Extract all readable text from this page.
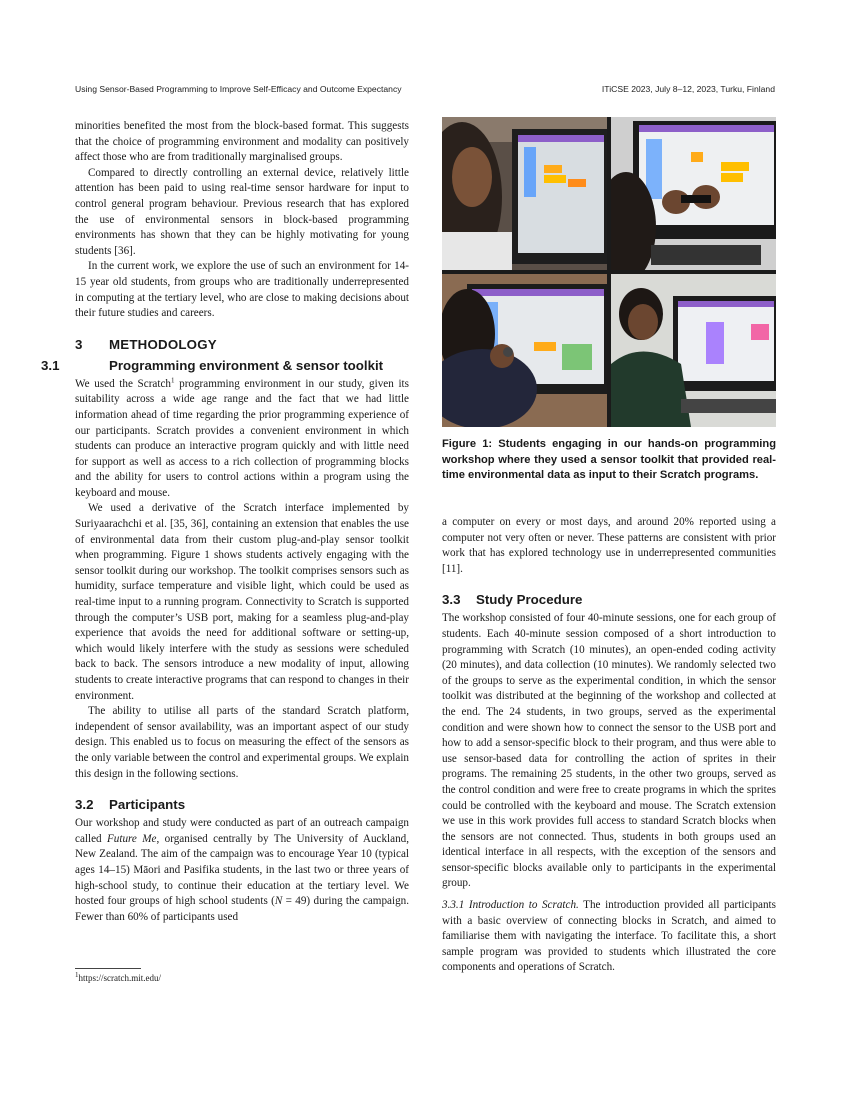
Using Sensor-Based Programming to Improve Self-Efficacy and Outcome Expectancy	ITiCSE 2023, July 8–12, 2023, Turku, Finland

minorities benefited the most from the block-based format. This suggests that the choice of programming environment and modality can positively affect those who are from traditionally marginalised groups.

Compared to directly controlling an external device, relatively little attention has been paid to using real-time sensor hardware for input to control general program behaviour. Previous research that has explored the use of environmental sensors in block-based programming environments has shown that they can be highly motivating for young students [36].

In the current work, we explore the use of such an environment for 14-15 year old students, from groups who are traditionally underrepresented in computing at the tertiary level, who are close to making decisions about their future studies and careers.

3 METHODOLOGY
3.1	Programming environment & sensor toolkit

We used the Scratch$^1$ programming environment in our study, given its suitability across a wide age range and the fact that we had little information ahead of time regarding the prior programming experience of our participants. Scratch provides a convenient environment in which students can produce an interactive program quickly and with little need for support as well as access to a rich collection of programming blocks and the ability for users to control actions within a program using the keyboard and mouse.

We used a derivative of the Scratch interface implemented by Suriyaarachchi et al. [35, 36], containing an extension that enables the use of environmental data from their custom plug-and-play sensor toolkit when programming. Figure 1 shows students actively engaging with the sensor toolkit during our workshop. The toolkit comprises sensors such as humidity, surface temperature and visible light, which could be used as real-time input to a running program. Connectivity to Scratch is supported through the computer’s USB port, making for a seamless plug-and-play experience that avoids the need for additional software or setting-up, which would likely interfere with the study as sessions were scheduled back to back. The sensors introduce a new modality of input, allowing students to create interactive programs that can respond to changes in their environment.

The ability to utilise all parts of the standard Scratch platform, independent of sensor availability, was an important aspect of our study design. This enabled us to focus on measuring the effect of the sensors as the only variable between the control and experimental groups. We explain this design in the following sections.

3.2 Participants

Our workshop and study were conducted as part of an outreach campaign called Future Me, organised centrally by The University of Auckland, New Zealand. The aim of the campaign was to encourage Year 10 (typical ages 14–15) Māori and Pasifika students, in the last two or three years of high-school study, to continue their education at the tertiary level. We hosted four groups of high school students (N = 49) during the campaign. Fewer than 60% of participants used

$^1$https://scratch.mit.edu/
Figure 1: Students engaging in our hands-on programming workshop where they used a sensor toolkit that provided real-time environmental data as input to their Scratch programs.

a computer on every or most days, and around 20% reported using a computer not very often or never. These patterns are consistent with prior work that has explored technology use in underrepresented communities [11].

3.3 Study Procedure

The workshop consisted of four 40-minute sessions, one for each group of students. Each 40-minute session composed of a short introduction to programming with Scratch (10 minutes), an open-ended coding activity (20 minutes), and data collection (10 minutes). We randomly selected two of the groups to serve as the experimental condition, in which the sensor toolkit was distributed at the beginning of the workshop and collected at the end. The 24 students, in two groups, served as the experimental condition and were shown how to connect the sensor to the USB port and how to add a sensor-specific block to their program, and thus were able to use sensor-based data for controlling the action of sprites in their programs. The remaining 25 students, in the other two groups, served as the control condition and were free to create programs in which the sprites could be controlled with the keyboard and mouse. The Scratch extension we use in this work provides full access to standard Scratch blocks when the sensors are not connected. Thus, students in both groups used an identical interface in all respects, with the exception of the sensors and sensor-specific blocks available only to participants in the experimental group.

3.3.1 Introduction to Scratch. The introduction provided all participants with a basic overview of connecting blocks in Scratch, and aimed to familiarise them with navigating the interface. To facilitate this, a short sample program was provided to students which illustrated the core components and operations of Scratch.
